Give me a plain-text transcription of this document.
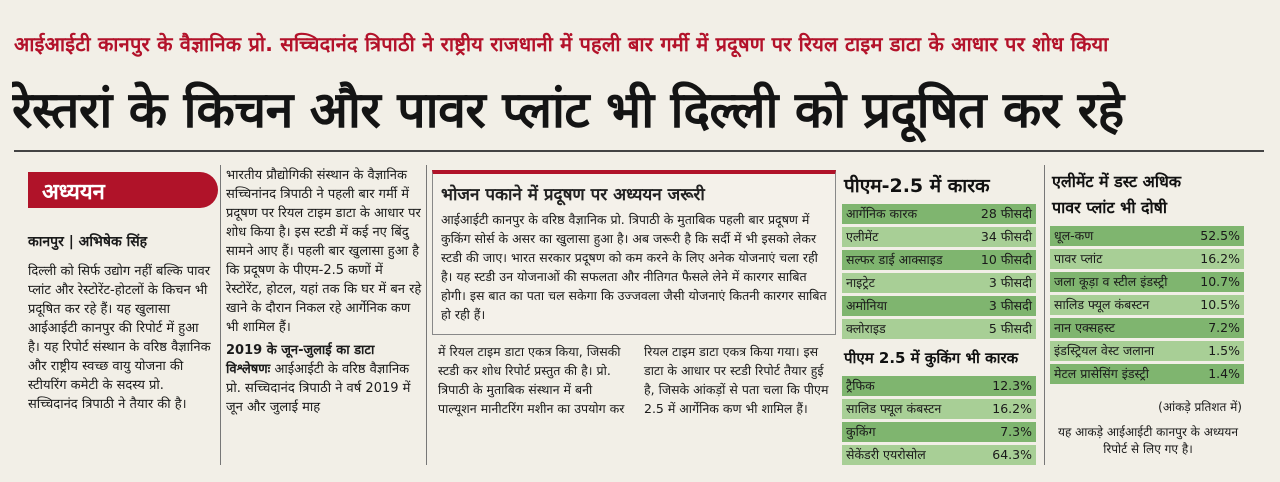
आईआईटी कानपुर के वैज्ञानिक प्रो. सच्चिदानंद त्रिपाठी ने राष्ट्रीय राजधानी में पहली बार गर्मी में प्रदूषण पर रियल टाइम डाटा के आधार पर शोध किया
रेस्तरां के किचन और पावर प्लांट भी दिल्ली को प्रदूषित कर रहे
अध्ययन
कानपुर | अभिषेक सिंह

दिल्ली को सिर्फ उद्योग नहीं बल्कि पावर प्लांट और रेस्टोरेंट-होटलों के किचन भी प्रदूषित कर रहे हैं। यह खुलासा आईआईटी कानपुर की रिपोर्ट में हुआ है। यह रिपोर्ट संस्थान के वरिष्ठ वैज्ञानिक और राष्ट्रीय स्वच्छ वायु योजना की स्टीयरिंग कमेटी के सदस्य प्रो. सच्चिदानंद त्रिपाठी ने तैयार की है।

भारतीय प्रौद्योगिकी संस्थान के वैज्ञानिक सच्चिनांनद त्रिपाठी ने पहली बार गर्मी में प्रदूषण पर रियल टाइम डाटा के आधार पर शोध किया है। इस स्टडी में कई नए बिंदु सामने आए हैं। पहली बार खुलासा हुआ है कि प्रदूषण के पीएम-2.5 कणों में रेस्टोरेंट, होटल, यहां तक कि घर में बन रहे खाने के दौरान निकल रहे आर्गेनिक कण भी शामिल हैं।

2019 के जून-जुलाई का डाटा विश्लेषणः आईआईटी के वरिष्ठ वैज्ञानिक प्रो. सच्चिदानंद त्रिपाठी ने वर्ष 2019 में जून और जुलाई माह

भोजन पकाने में प्रदूषण पर अध्ययन जरूरी
आईआईटी कानपुर के वरिष्ठ वैज्ञानिक प्रो. त्रिपाठी के मुताबिक पहली बार प्रदूषण में कुकिंग सोर्स के असर का खुलासा हुआ है। अब जरूरी है कि सर्दी में भी इसको लेकर स्टडी की जाए। भारत सरकार प्रदूषण को कम करने के लिए अनेक योजनाएं चला रही है। यह स्टडी उन योजनाओं की सफलता और नीतिगत फैसले लेने में कारगर साबित होगी। इस बात का पता चल सकेगा कि उज्जवला जैसी योजनाएं कितनी कारगर साबित हो रही हैं।

में रियल टाइम डाटा एकत्र किया, जिसकी स्टडी कर शोध रिपोर्ट प्रस्तुत की है। प्रो. त्रिपाठी के मुताबिक संस्थान में बनी पाल्यूशन मानीटरिंग मशीन का उपयोग कर

रियल टाइम डाटा एकत्र किया गया। इस डाटा के आधार पर स्टडी रिपोर्ट तैयार हुई है, जिसके आंकड़ों से पता चला कि पीएम 2.5 में आर्गेनिक कण भी शामिल हैं।

पीएम-2.5 में कारक
आर्गेनिक कारक	28 फीसदी
एलीमेंट	34 फीसदी
सल्फर डाई आक्साइड	10 फीसदी
नाइट्रेट	3 फीसदी
अमोनिया	3 फीसदी
क्लोराइड	5 फीसदी
पीएम 2.5 में कुकिंग भी कारक
ट्रैफिक	12.3%
सालिड फ्यूल कंबस्टन	16.2%
कुकिंग	7.3%
सेकेंडरी एयरोसोल	64.3%
एलीमेंट में डस्ट अधिक
पावर प्लांट भी दोषी
धूल-कण	52.5%
पावर प्लांट	16.2%
जला कूड़ा व स्टील इंडस्ट्री	10.7%
सालिड फ्यूल कंबस्टन	10.5%
नान एक्सहस्ट	7.2%
इंडस्ट्रियल वेस्ट जलाना	1.5%
मेटल प्रासेसिंग इंडस्ट्री	1.4%
(आंकड़े प्रतिशत में)
यह आकड़े आईआईटी कानपुर के अध्ययन रिपोर्ट से लिए गए है।
